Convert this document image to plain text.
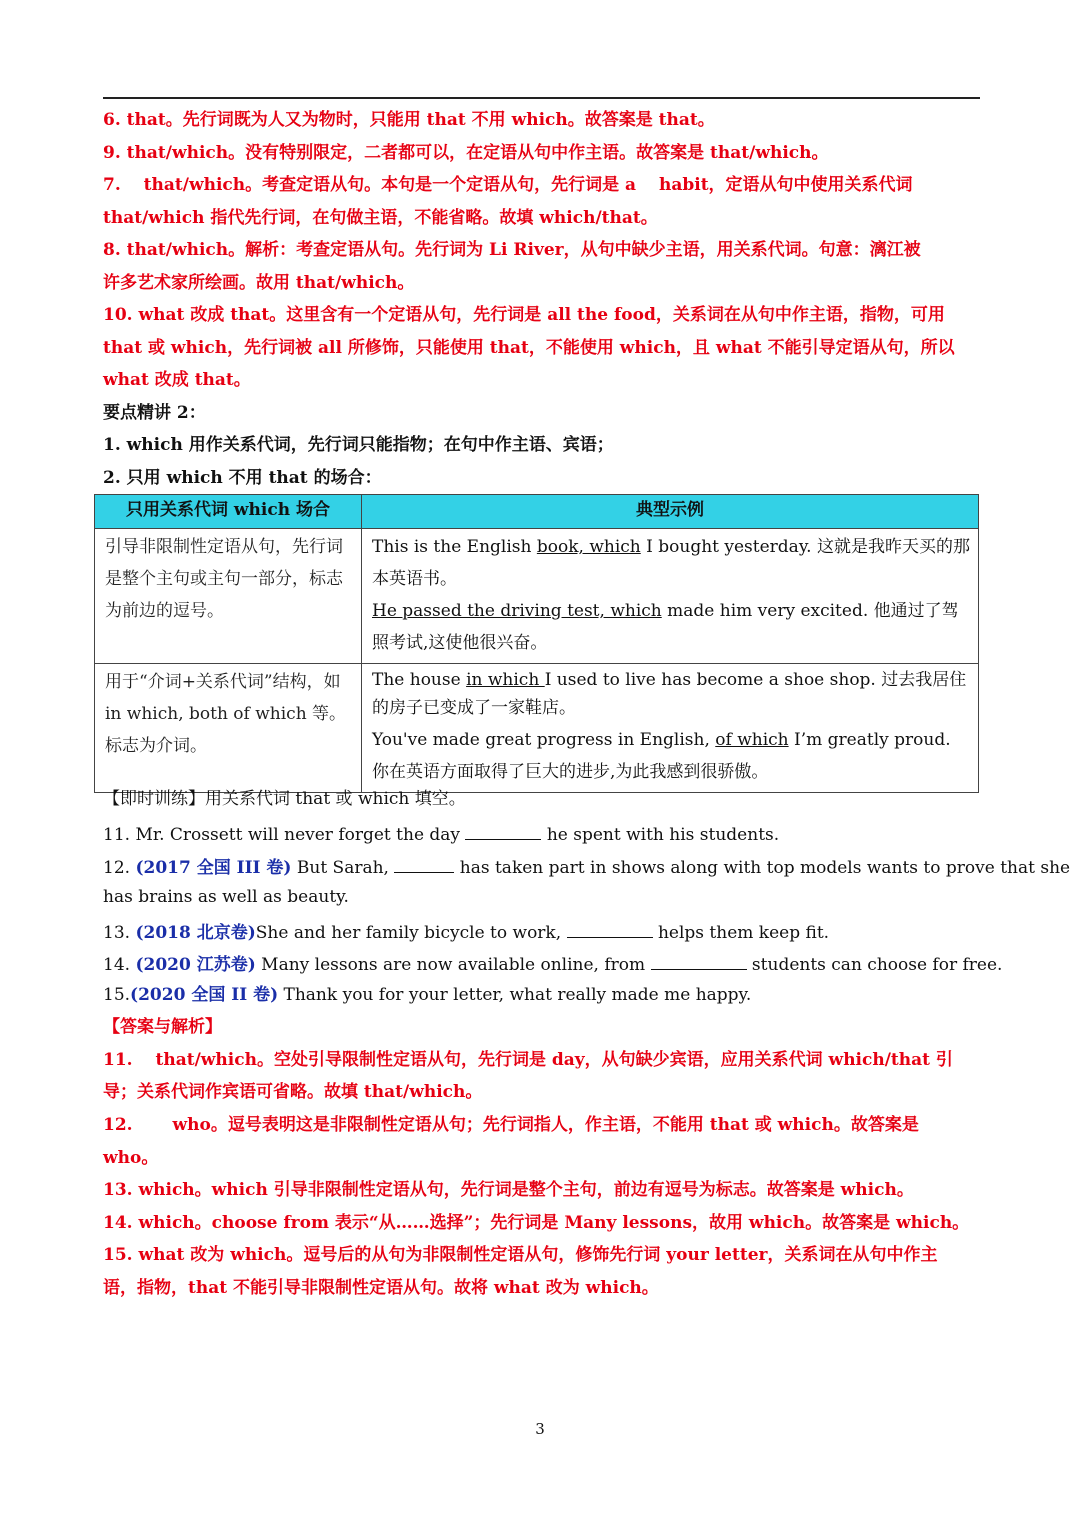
6. that。先行词既为人又为物时，只能用 that 不用 which。故答案是 that。
9. that/which。没有特别限定，二者都可以，在定语从句中作主语。故答案是 that/which。
7.　 that/which。考查定语从句。本句是一个定语从句，先行词是 a　 habit，定语从句中使用关系代词
that/which 指代先行词，在句做主语，不能省略。故填 which/that。
8. that/which。解析：考查定语从句。先行词为 Li River，从句中缺少主语，用关系代词。句意：漓江被
许多艺术家所绘画。故用 that/which。
10. what 改成 that。这里含有一个定语从句，先行词是 all the food，关系词在从句中作主语，指物，可用
that 或 which，先行词被 all 所修饰，只能使用 that，不能使用 which，且 what 不能引导定语从句，所以
what 改成 that。
要点精讲 2：
1. which 用作关系代词，先行词只能指物；在句中作主语、宾语；
2. 只用 which 不用 that 的场合：
只用关系代词 which 场合	典型示例
引导非限制性定语从句，先行词是整个主句或主句一部分，标志为前边的逗号。	This is the English book, which I bought yesterday. 这就是我昨天买的那本英语书。

He passed the driving test, which made him very excited. 他通过了驾照考试,这使他很兴奋。

用于“介词+关系代词”结构，如 in which, both of which 等。标志为介词。	The house in which I used to live has become a shoe shop. 过去我居住的房子已变成了一家鞋店。

You've made great progress in English, of which I’m greatly proud. 你在英语方面取得了巨大的进步,为此我感到很骄傲。

【即时训练】用关系代词 that 或 which 填空。
11. Mr. Crossett will never forget the day	he spent with his students.
12. (2017 全国 III 卷) But Sarah,	has taken part in shows along with top models wants to prove that she
has brains as well as beauty.
13. (2018 北京卷)She and her family bicycle to work,	helps them keep fit.
14. (2020 江苏卷) Many lessons are now available online, from	students can choose for free.
15.(2020 全国 II 卷) Thank you for your letter, what really made me happy.
【答案与解析】
11.　 that/which。空处引导限制性定语从句，先行词是 day，从句缺少宾语，应用关系代词 which/that 引
导；关系代词作宾语可省略。故填 that/which。
12.　　 who。逗号表明这是非限制性定语从句；先行词指人，作主语，不能用 that 或 which。故答案是
who。
13. which。which 引导非限制性定语从句，先行词是整个主句，前边有逗号为标志。故答案是 which。
14. which。choose from 表示“从……选择”；先行词是 Many lessons，故用 which。故答案是 which。
15. what 改为 which。逗号后的从句为非限制性定语从句，修饰先行词 your letter，关系词在从句中作主
语，指物，that 不能引导非限制性定语从句。故将 what 改为 which。
3
